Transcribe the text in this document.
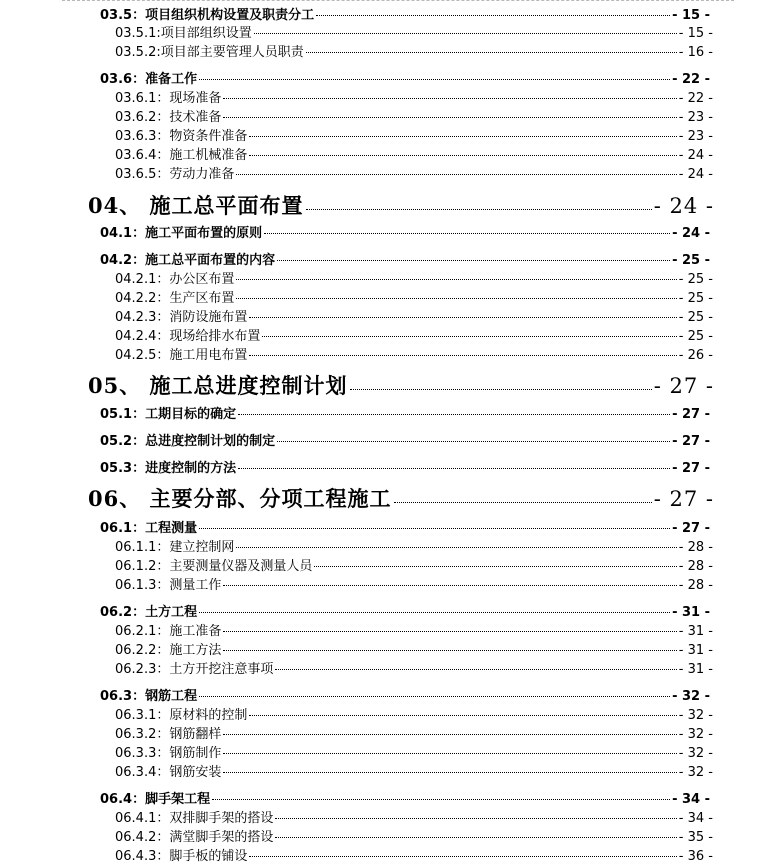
03.5：项目组织机构设置及职责分工	- 15 -
03.5.1:项目部组织设置	- 15 -
03.5.2:项目部主要管理人员职责	- 16 -
03.6：准备工作	- 22 -
03.6.1：现场准备	- 22 -
03.6.2：技术准备	- 23 -
03.6.3：物资条件准备	- 23 -
03.6.4：施工机械准备	- 24 -
03.6.5：劳动力准备	- 24 -
04、 施工总平面布置	- 24 -
04.1：施工平面布置的原则	- 24 -
04.2：施工总平面布置的内容	- 25 -
04.2.1：办公区布置	- 25 -
04.2.2：生产区布置	- 25 -
04.2.3：消防设施布置	- 25 -
04.2.4：现场给排水布置	- 25 -
04.2.5：施工用电布置	- 26 -
05、 施工总进度控制计划	- 27 -
05.1：工期目标的确定	- 27 -
05.2：总进度控制计划的制定	- 27 -
05.3：进度控制的方法	- 27 -
06、 主要分部、分项工程施工	- 27 -
06.1：工程测量	- 27 -
06.1.1：建立控制网	- 28 -
06.1.2：主要测量仪器及测量人员	- 28 -
06.1.3：测量工作	- 28 -
06.2：土方工程	- 31 -
06.2.1：施工准备	- 31 -
06.2.2：施工方法	- 31 -
06.2.3：土方开挖注意事项	- 31 -
06.3：钢筋工程	- 32 -
06.3.1：原材料的控制	- 32 -
06.3.2：钢筋翻样	- 32 -
06.3.3：钢筋制作	- 32 -
06.3.4：钢筋安装	- 32 -
06.4：脚手架工程	- 34 -
06.4.1：双排脚手架的搭设	- 34 -
06.4.2：满堂脚手架的搭设	- 35 -
06.4.3：脚手板的铺设	- 36 -
